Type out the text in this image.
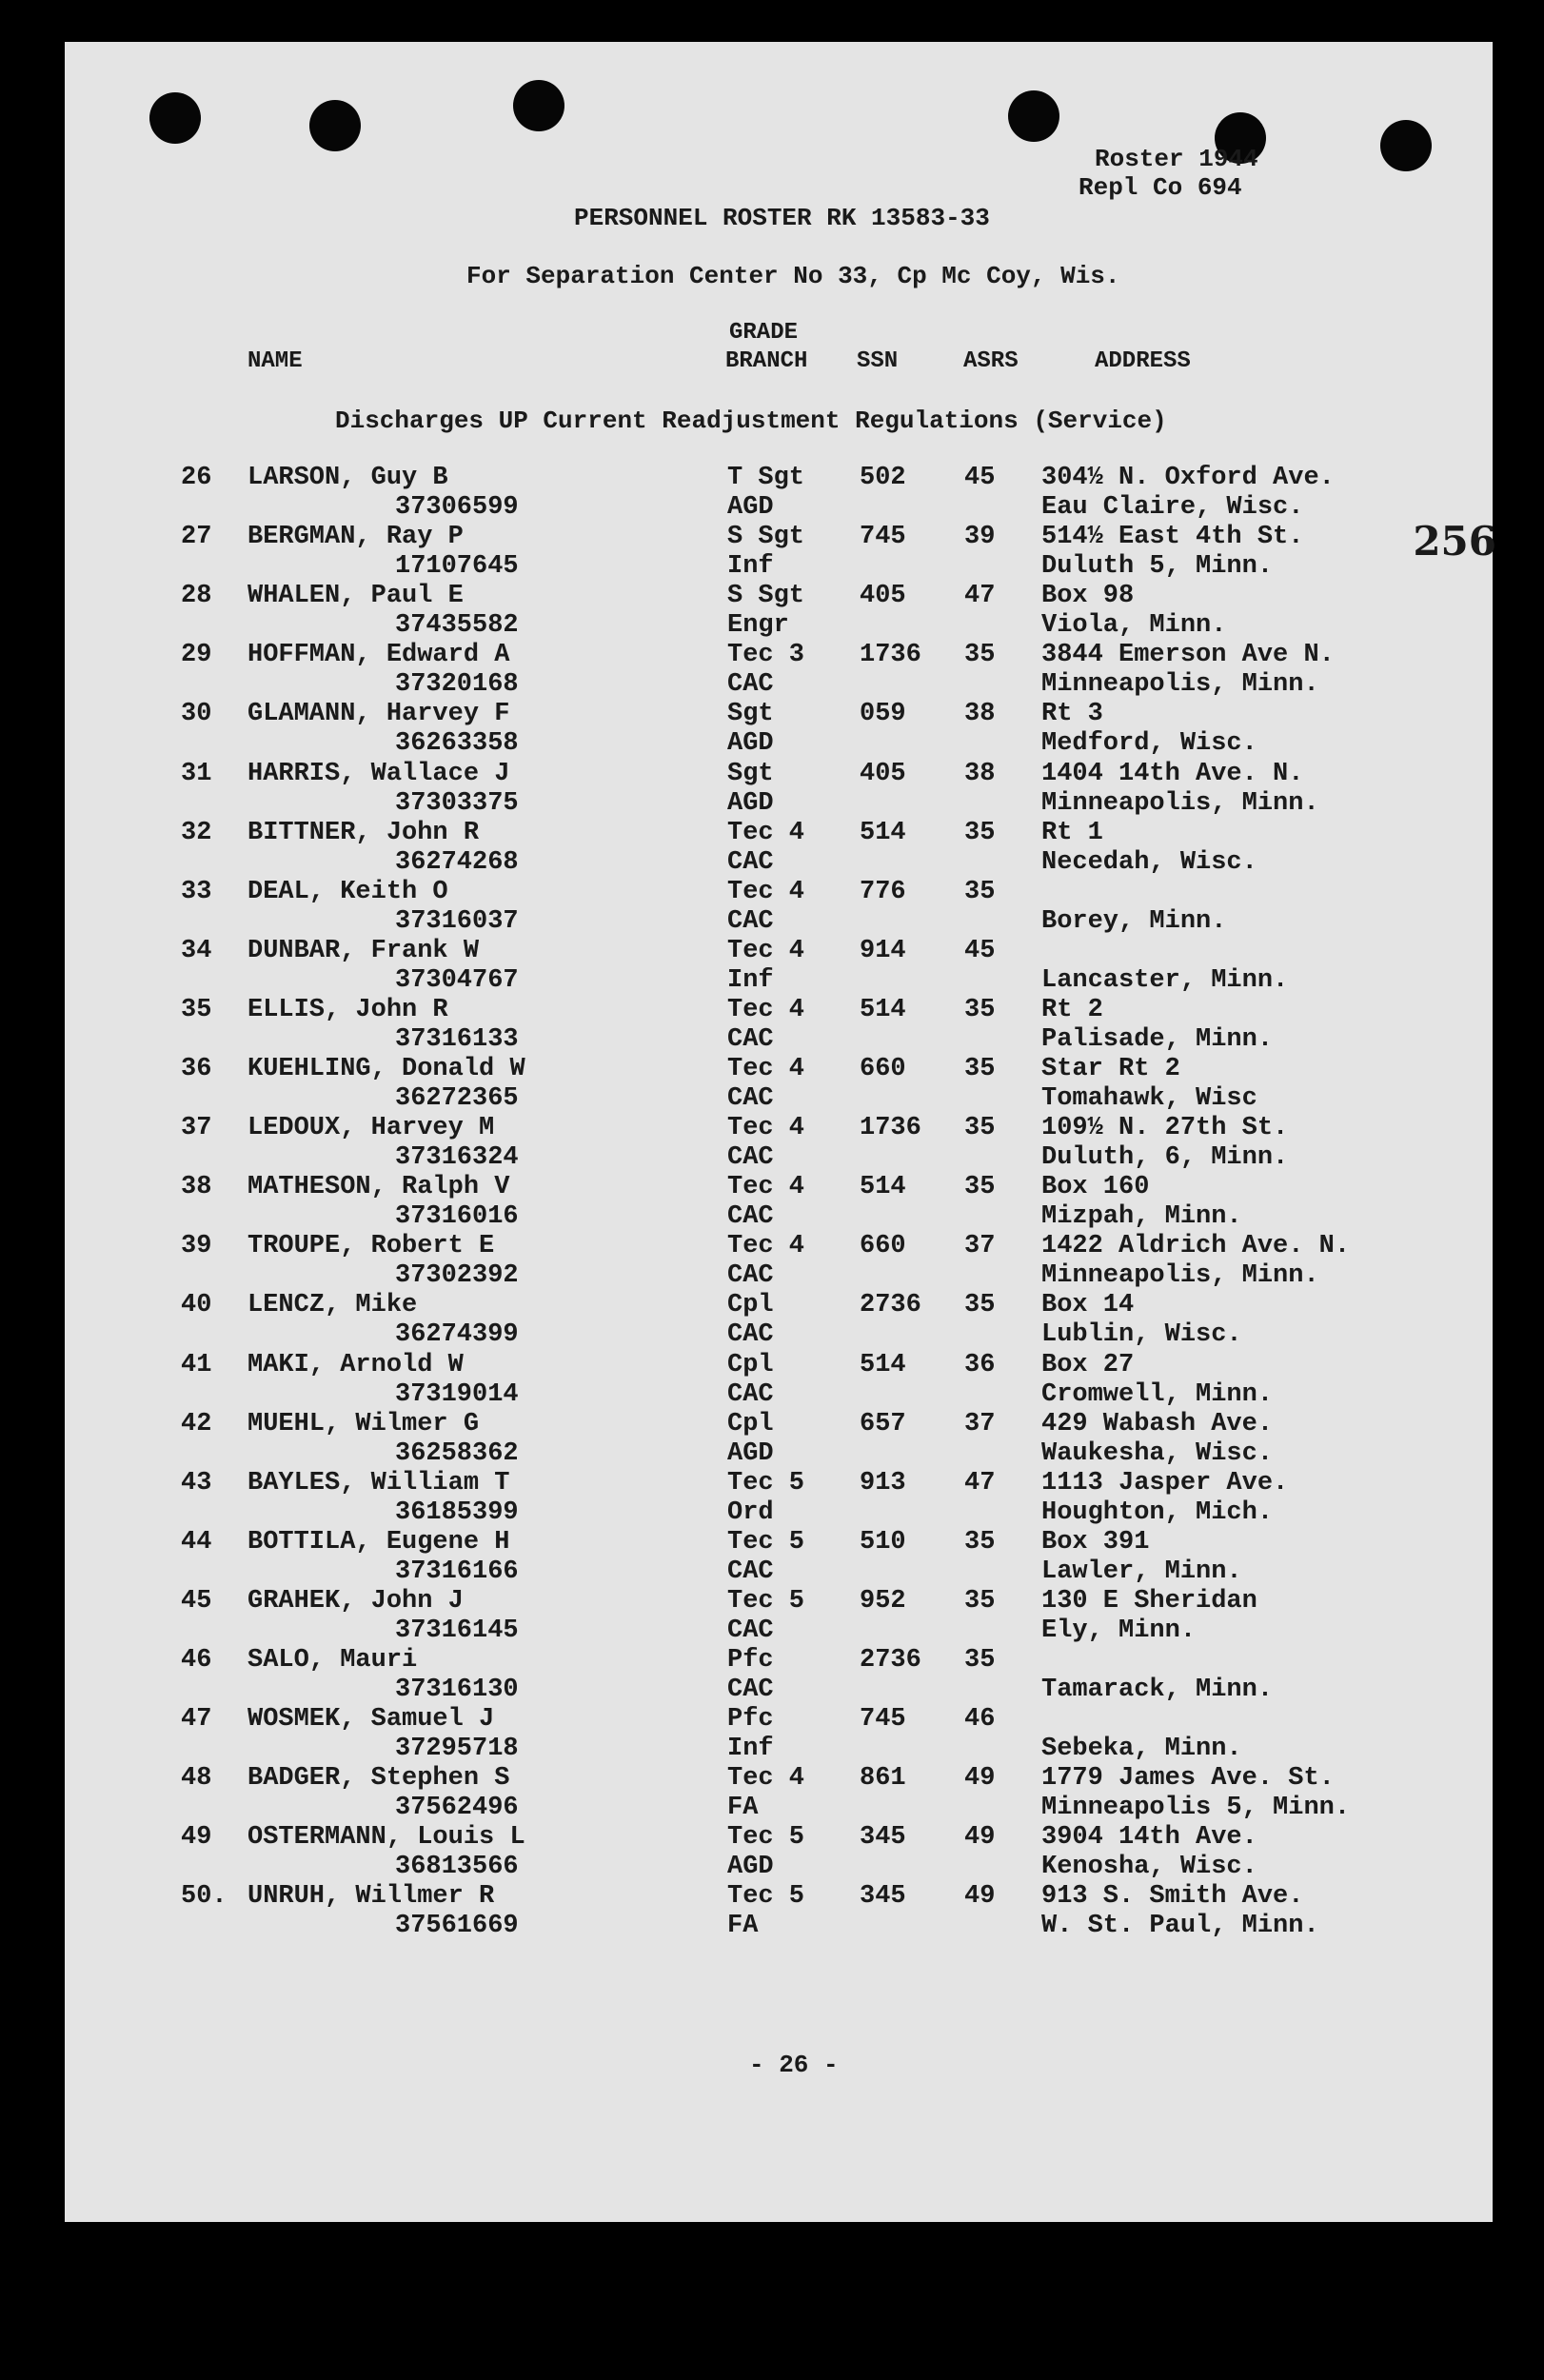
Roster 1944
Repl Co 694
PERSONNEL ROSTER RK 13583-33
For Separation Center No 33, Cp Mc Coy, Wis.
NAME
GRADE
BRANCH SSN	ASRS	ADDRESS
Discharges UP Current Readjustment Regulations (Service)
256
26 LARSON, Guy B
37306599
T Sgt
AGD
502 45 304½ N. Oxford Ave.
Eau Claire, Wisc.
27 BERGMAN, Ray P
17107645
S Sgt
Inf
745 39 514½ East 4th St.
Duluth 5, Minn.
28 WHALEN, Paul E
37435582
S Sgt
Engr
405 47 Box 98
Viola, Minn.
29 HOFFMAN, Edward A
37320168
Tec 3
CAC
1736 35 3844 Emerson Ave N.
Minneapolis, Minn.
30 GLAMANN, Harvey F
36263358
Sgt
AGD
059 38 Rt 3
Medford, Wisc.
31 HARRIS, Wallace J
37303375
Sgt
AGD
405 38 1404 14th Ave. N.
Minneapolis, Minn.
32 BITTNER, John R
36274268
Tec 4
CAC
514 35 Rt 1
Necedah, Wisc.
33 DEAL, Keith O
37316037
Tec 4
CAC
776 35
Borey, Minn.
34 DUNBAR, Frank W
37304767
Tec 4
Inf
914 45
Lancaster, Minn.
35 ELLIS, John R
37316133
Tec 4
CAC
514 35 Rt 2
Palisade, Minn.
36 KUEHLING, Donald W
36272365
Tec 4
CAC
660 35 Star Rt 2
Tomahawk, Wisc
37 LEDOUX, Harvey M
37316324
Tec 4
CAC
1736 35 109½ N. 27th St.
Duluth, 6, Minn.
38 MATHESON, Ralph V
37316016
Tec 4
CAC
514 35 Box 160
Mizpah, Minn.
39 TROUPE, Robert E
37302392
Tec 4
CAC
660 37 1422 Aldrich Ave. N.
Minneapolis, Minn.
40 LENCZ, Mike
36274399
Cpl
CAC
2736 35 Box 14
Lublin, Wisc.
41 MAKI, Arnold W
37319014
Cpl
CAC
514 36 Box 27
Cromwell, Minn.
42 MUEHL, Wilmer G
36258362
Cpl
AGD
657 37 429 Wabash Ave.
Waukesha, Wisc.
43 BAYLES, William T
36185399
Tec 5
Ord
913 47 1113 Jasper Ave.
Houghton, Mich.
44 BOTTILA, Eugene H
37316166
Tec 5
CAC
510 35 Box 391
Lawler, Minn.
45 GRAHEK, John J
37316145
Tec 5
CAC
952 35 130 E Sheridan
Ely, Minn.
46 SALO, Mauri
37316130
Pfc
CAC
2736 35
Tamarack, Minn.
47 WOSMEK, Samuel J
37295718
Pfc
Inf
745 46
Sebeka, Minn.
48 BADGER, Stephen S
37562496
Tec 4
FA
861 49 1779 James Ave. St.
Minneapolis 5, Minn.
49 OSTERMANN, Louis L
36813566
Tec 5
AGD
345 49 3904 14th Ave.
Kenosha, Wisc.
50. UNRUH, Willmer R
37561669
Tec 5
FA
345 49 913 S. Smith Ave.
W. St. Paul, Minn.
- 26 -
